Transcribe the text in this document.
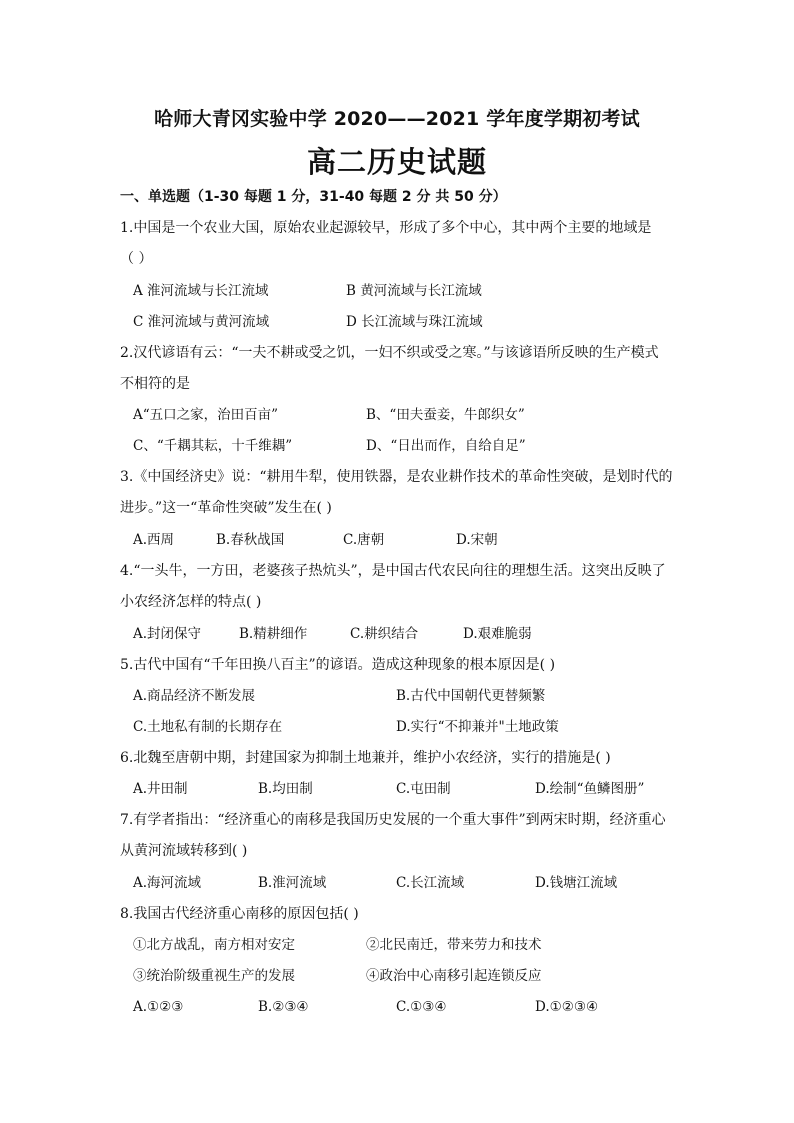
哈师大青冈实验中学 2020——2021 学年度学期初考试
高二历史试题
一、单选题（1-30 每题 1 分，31-40 每题 2 分 共 50 分）
1.中国是一个农业大国，原始农业起源较早，形成了多个中心，其中两个主要的地域是
（ ）
A 淮河流域与长江流域	B 黄河流域与长江流域
C 淮河流域与黄河流域	D 长江流域与珠江流域
2.汉代谚语有云：“一夫不耕或受之饥，一妇不织或受之寒。”与该谚语所反映的生产模式
不相符的是
A“五口之家，治田百亩”	B、“田夫蚕妾，牛郎织女”
C、“千耦其耘，十千维耦”	D、“日出而作，自给自足”
3.《中国经济史》说：“耕用牛犁，使用铁器，是农业耕作技术的革命性突破，是划时代的
进步。”这一“革命性突破”发生在( )
A.西周	B.春秋战国	C.唐朝	D.宋朝
4.“一头牛，一方田，老婆孩子热炕头”，是中国古代农民向往的理想生活。这突出反映了
小农经济怎样的特点( )
A.封闭保守	B.精耕细作	C.耕织结合	D.艰难脆弱
5.古代中国有“千年田换八百主”的谚语。造成这种现象的根本原因是( )
A.商品经济不断发展	B.古代中国朝代更替频繁
C.土地私有制的长期存在	D.实行“不抑兼并"土地政策
6.北魏至唐朝中期，封建国家为抑制土地兼并，维护小农经济，实行的措施是( )
A.井田制	B.均田制	C.屯田制	D.绘制“鱼鳞图册”
7.有学者指出：“经济重心的南移是我国历史发展的一个重大事件”到两宋时期，经济重心
从黄河流域转移到( )
A.海河流域	B.淮河流域	C.长江流域	D.钱塘江流域
8.我国古代经济重心南移的原因包括( )
①北方战乱，南方相对安定	②北民南迁，带来劳力和技术
③统治阶级重视生产的发展	④政治中心南移引起连锁反应
A.①②③	B.②③④	C.①③④	D.①②③④
